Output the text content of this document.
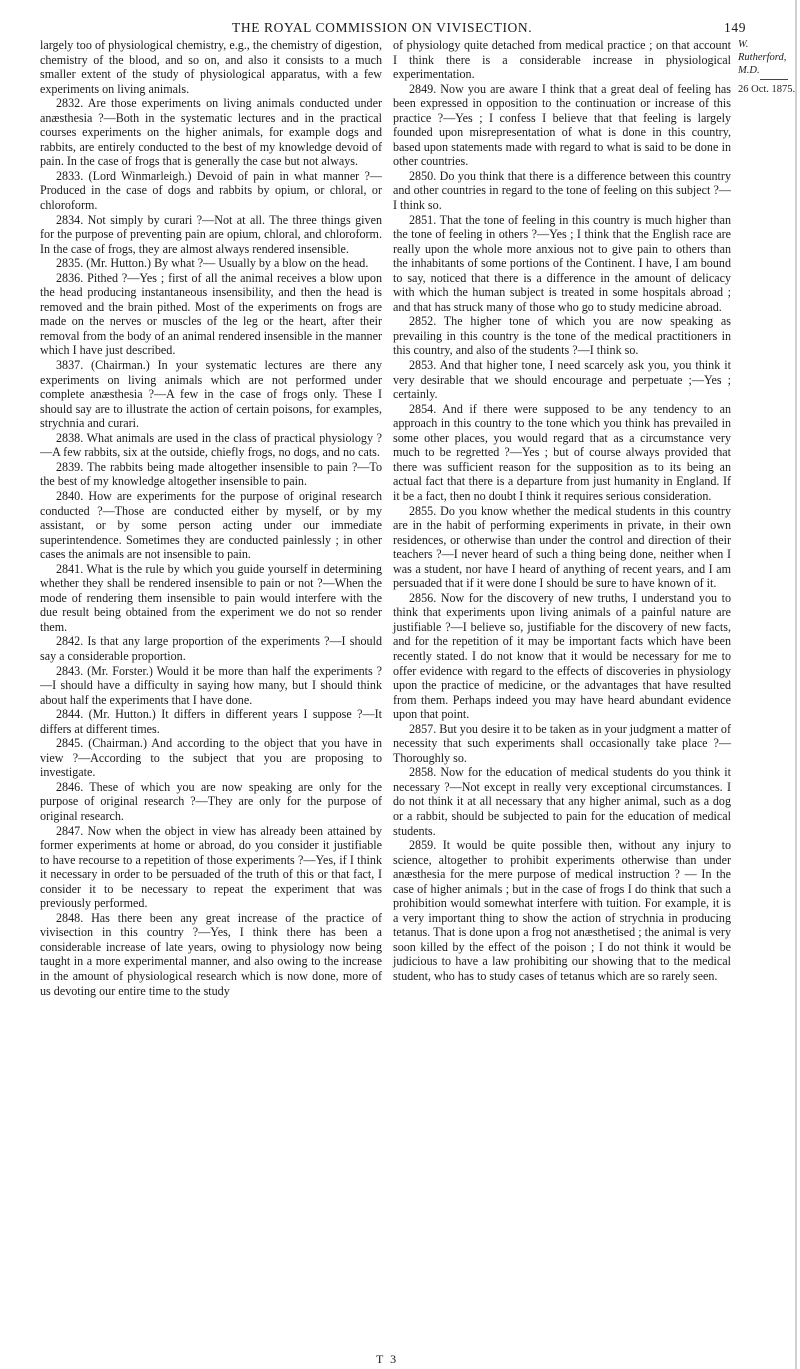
THE ROYAL COMMISSION ON VIVISECTION.	149

largely too of physiological chemistry, e.g., the chemistry of digestion, chemistry of the blood, and so on, and also it consists to a much smaller extent of the study of physiological apparatus, with a few experiments on living animals.

2832. Are those experiments on living animals conducted under anæsthesia ?—Both in the systematic lectures and in the practical courses experiments on the higher animals, for example dogs and rabbits, are entirely conducted to the best of my knowledge devoid of pain. In the case of frogs that is generally the case but not always.

2833. (Lord Winmarleigh.) Devoid of pain in what manner ?—Produced in the case of dogs and rabbits by opium, or chloral, or chloroform.

2834. Not simply by curari ?—Not at all. The three things given for the purpose of preventing pain are opium, chloral, and chloroform. In the case of frogs, they are almost always rendered insensible.

2835. (Mr. Hutton.) By what ?— Usually by a blow on the head.

2836. Pithed ?—Yes ; first of all the animal receives a blow upon the head producing instantaneous insensibility, and then the head is removed and the brain pithed. Most of the experiments on frogs are made on the nerves or muscles of the leg or the heart, after their removal from the body of an animal rendered insensible in the manner which I have just described.

3837. (Chairman.) In your systematic lectures are there any experiments on living animals which are not performed under complete anæsthesia ?—A few in the case of frogs only. These I should say are to illustrate the action of certain poisons, for examples, strychnia and curari.

2838. What animals are used in the class of practical physiology ?—A few rabbits, six at the outside, chiefly frogs, no dogs, and no cats.

2839. The rabbits being made altogether insensible to pain ?—To the best of my knowledge altogether insensible to pain.

2840. How are experiments for the purpose of original research conducted ?—Those are conducted either by myself, or by my assistant, or by some person acting under our immediate superintendence. Sometimes they are conducted painlessly ; in other cases the animals are not insensible to pain.

2841. What is the rule by which you guide yourself in determining whether they shall be rendered insensible to pain or not ?—When the mode of rendering them insensible to pain would interfere with the due result being obtained from the experiment we do not so render them.

2842. Is that any large proportion of the experiments ?—I should say a considerable proportion.

2843. (Mr. Forster.) Would it be more than half the experiments ?—I should have a difficulty in saying how many, but I should think about half the experiments that I have done.

2844. (Mr. Hutton.) It differs in different years I suppose ?—It differs at different times.

2845. (Chairman.) And according to the object that you have in view ?—According to the subject that you are proposing to investigate.

2846. These of which you are now speaking are only for the purpose of original research ?—They are only for the purpose of original research.

2847. Now when the object in view has already been attained by former experiments at home or abroad, do you consider it justifiable to have recourse to a repetition of those experiments ?—Yes, if I think it necessary in order to be persuaded of the truth of this or that fact, I consider it to be necessary to repeat the experiment that was previously performed.

2848. Has there been any great increase of the practice of vivisection in this country ?—Yes, I think there has been a considerable increase of late years, owing to physiology now being taught in a more experimental manner, and also owing to the increase in the amount of physiological research which is now done, more of us devoting our entire time to the study

of physiology quite detached from medical practice ; on that account I think there is a considerable increase in physiological experimentation.

2849. Now you are aware I think that a great deal of feeling has been expressed in opposition to the continuation or increase of this practice ?—Yes ; I confess I believe that that feeling is largely founded upon misrepresentation of what is done in this country, based upon statements made with regard to what is said to be done in other countries.

2850. Do you think that there is a difference between this country and other countries in regard to the tone of feeling on this subject ?—I think so.

2851. That the tone of feeling in this country is much higher than the tone of feeling in others ?—Yes ; I think that the English race are really upon the whole more anxious not to give pain to others than the inhabitants of some portions of the Continent. I have, I am bound to say, noticed that there is a difference in the amount of delicacy with which the human subject is treated in some hospitals abroad ; and that has struck many of those who go to study medicine abroad.

2852. The higher tone of which you are now speaking as prevailing in this country is the tone of the medical practitioners in this country, and also of the students ?—I think so.

2853. And that higher tone, I need scarcely ask you, you think it very desirable that we should encourage and perpetuate ;—Yes ; certainly.

2854. And if there were supposed to be any tendency to an approach in this country to the tone which you think has prevailed in some other places, you would regard that as a circumstance very much to be regretted ?—Yes ; but of course always provided that there was sufficient reason for the supposition as to its being an actual fact that there is a departure from just humanity in England. If it be a fact, then no doubt I think it requires serious consideration.

2855. Do you know whether the medical students in this country are in the habit of performing experiments in private, in their own residences, or otherwise than under the control and direction of their teachers ?—I never heard of such a thing being done, neither when I was a student, nor have I heard of anything of recent years, and I am persuaded that if it were done I should be sure to have known of it.

2856. Now for the discovery of new truths, I understand you to think that experiments upon living animals of a painful nature are justifiable ?—I believe so, justifiable for the discovery of new facts, and for the repetition of it may be important facts which have been recently stated. I do not know that it would be necessary for me to offer evidence with regard to the effects of discoveries in physiology upon the practice of medicine, or the advantages that have resulted from them. Perhaps indeed you may have heard abundant evidence upon that point.

2857. But you desire it to be taken as in your judgment a matter of necessity that such experiments shall occasionally take place ?—Thoroughly so.

2858. Now for the education of medical students do you think it necessary ?—Not except in really very exceptional circumstances. I do not think it at all necessary that any higher animal, such as a dog or a rabbit, should be subjected to pain for the education of medical students.

2859. It would be quite possible then, without any injury to science, altogether to prohibit experiments otherwise than under anæsthesia for the mere purpose of medical instruction ? — In the case of higher animals ; but in the case of frogs I do think that such a prohibition would somewhat interfere with tuition. For example, it is a very important thing to show the action of strychnia in producing tetanus. That is done upon a frog not anæsthetised ; the animal is very soon killed by the effect of the poison ; I do not think it would be judicious to have a law prohibiting our showing that to the medical student, who has to study cases of tetanus which are so rarely seen.

W. Rutherford, M.D.
26 Oct. 1875.
T 3
